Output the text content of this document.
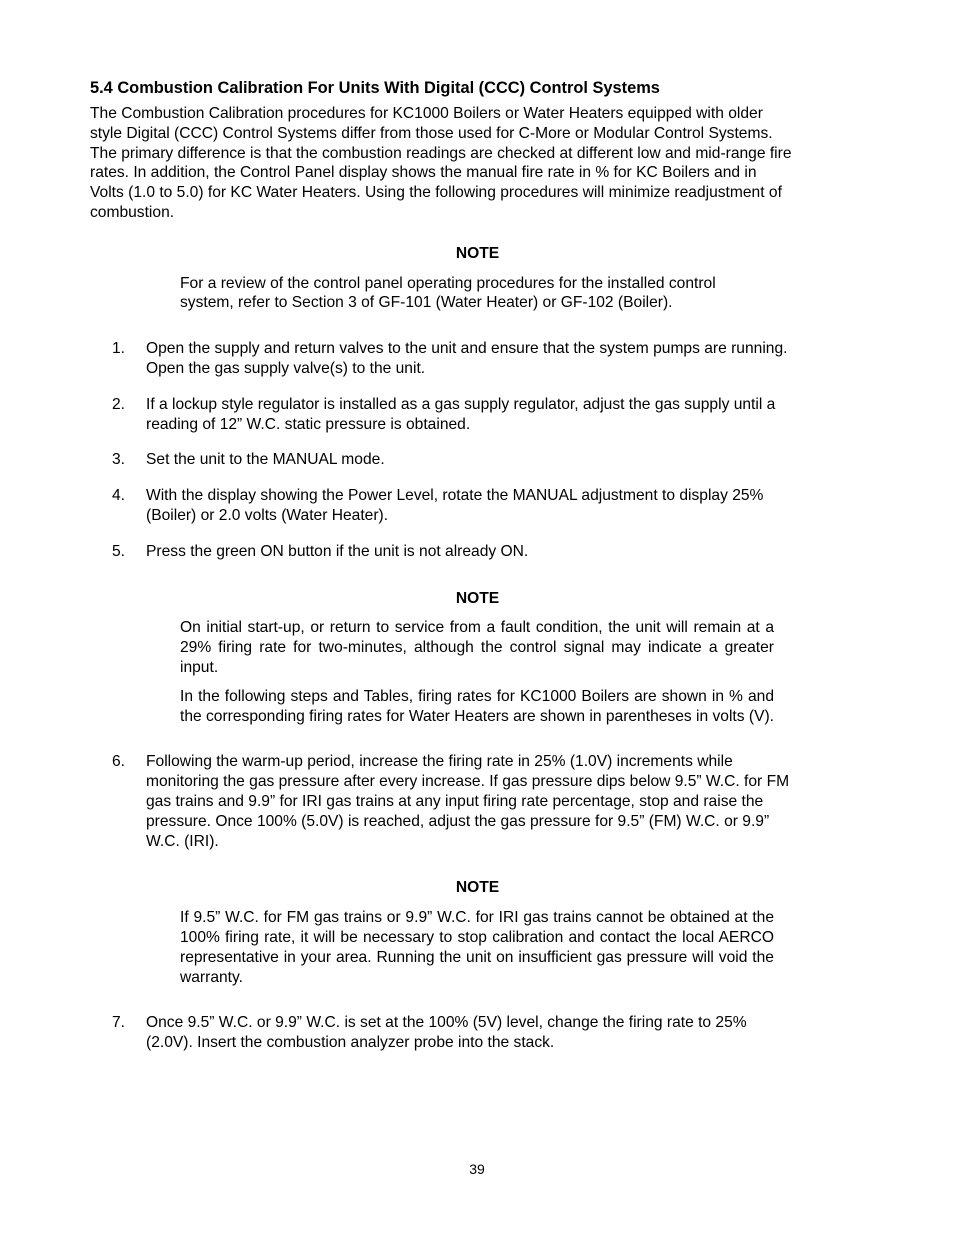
5.4 Combustion Calibration For Units With Digital (CCC) Control Systems
The Combustion Calibration procedures for KC1000 Boilers or Water Heaters equipped with older
style Digital (CCC) Control Systems differ from those used for C-More or Modular Control Systems.
The primary difference is that the combustion readings are checked at different low and mid-range fire
rates. In addition, the Control Panel display shows the manual fire rate in % for KC Boilers and in
Volts (1.0 to 5.0) for KC Water Heaters. Using the following procedures will minimize readjustment of
combustion.
NOTE
For a review of the control panel operating procedures for the installed control
system, refer to Section 3 of GF-101 (Water Heater) or GF-102 (Boiler).
1. Open the supply and return valves to the unit and ensure that the system pumps are running.
Open the gas supply valve(s) to the unit.
2. If a lockup style regulator is installed as a gas supply regulator, adjust the gas supply until a
reading of 12” W.C. static pressure is obtained.
3. Set the unit to the MANUAL mode.
4. With the display showing the Power Level, rotate the MANUAL adjustment to display 25%
(Boiler) or 2.0 volts (Water Heater).
5. Press the green ON button if the unit is not already ON.
NOTE

On initial start-up, or return to service from a fault condition, the unit will remain at a 29% firing rate for two-minutes, although the control signal may indicate a greater input.

In the following steps and Tables, firing rates for KC1000 Boilers are shown in % and the corresponding firing rates for Water Heaters are shown in parentheses in volts (V).

6. Following the warm-up period, increase the firing rate in 25% (1.0V) increments while
monitoring the gas pressure after every increase. If gas pressure dips below 9.5” W.C. for FM
gas trains and 9.9” for IRI gas trains at any input firing rate percentage, stop and raise the
pressure. Once 100% (5.0V) is reached, adjust the gas pressure for 9.5” (FM) W.C. or 9.9”
W.C. (IRI).
NOTE

If 9.5” W.C. for FM gas trains or 9.9” W.C. for IRI gas trains cannot be obtained at the 100% firing rate, it will be necessary to stop calibration and contact the local AERCO representative in your area. Running the unit on insufficient gas pressure will void the warranty.

7. Once 9.5” W.C. or 9.9” W.C. is set at the 100% (5V) level, change the firing rate to 25%
(2.0V). Insert the combustion analyzer probe into the stack.
39
